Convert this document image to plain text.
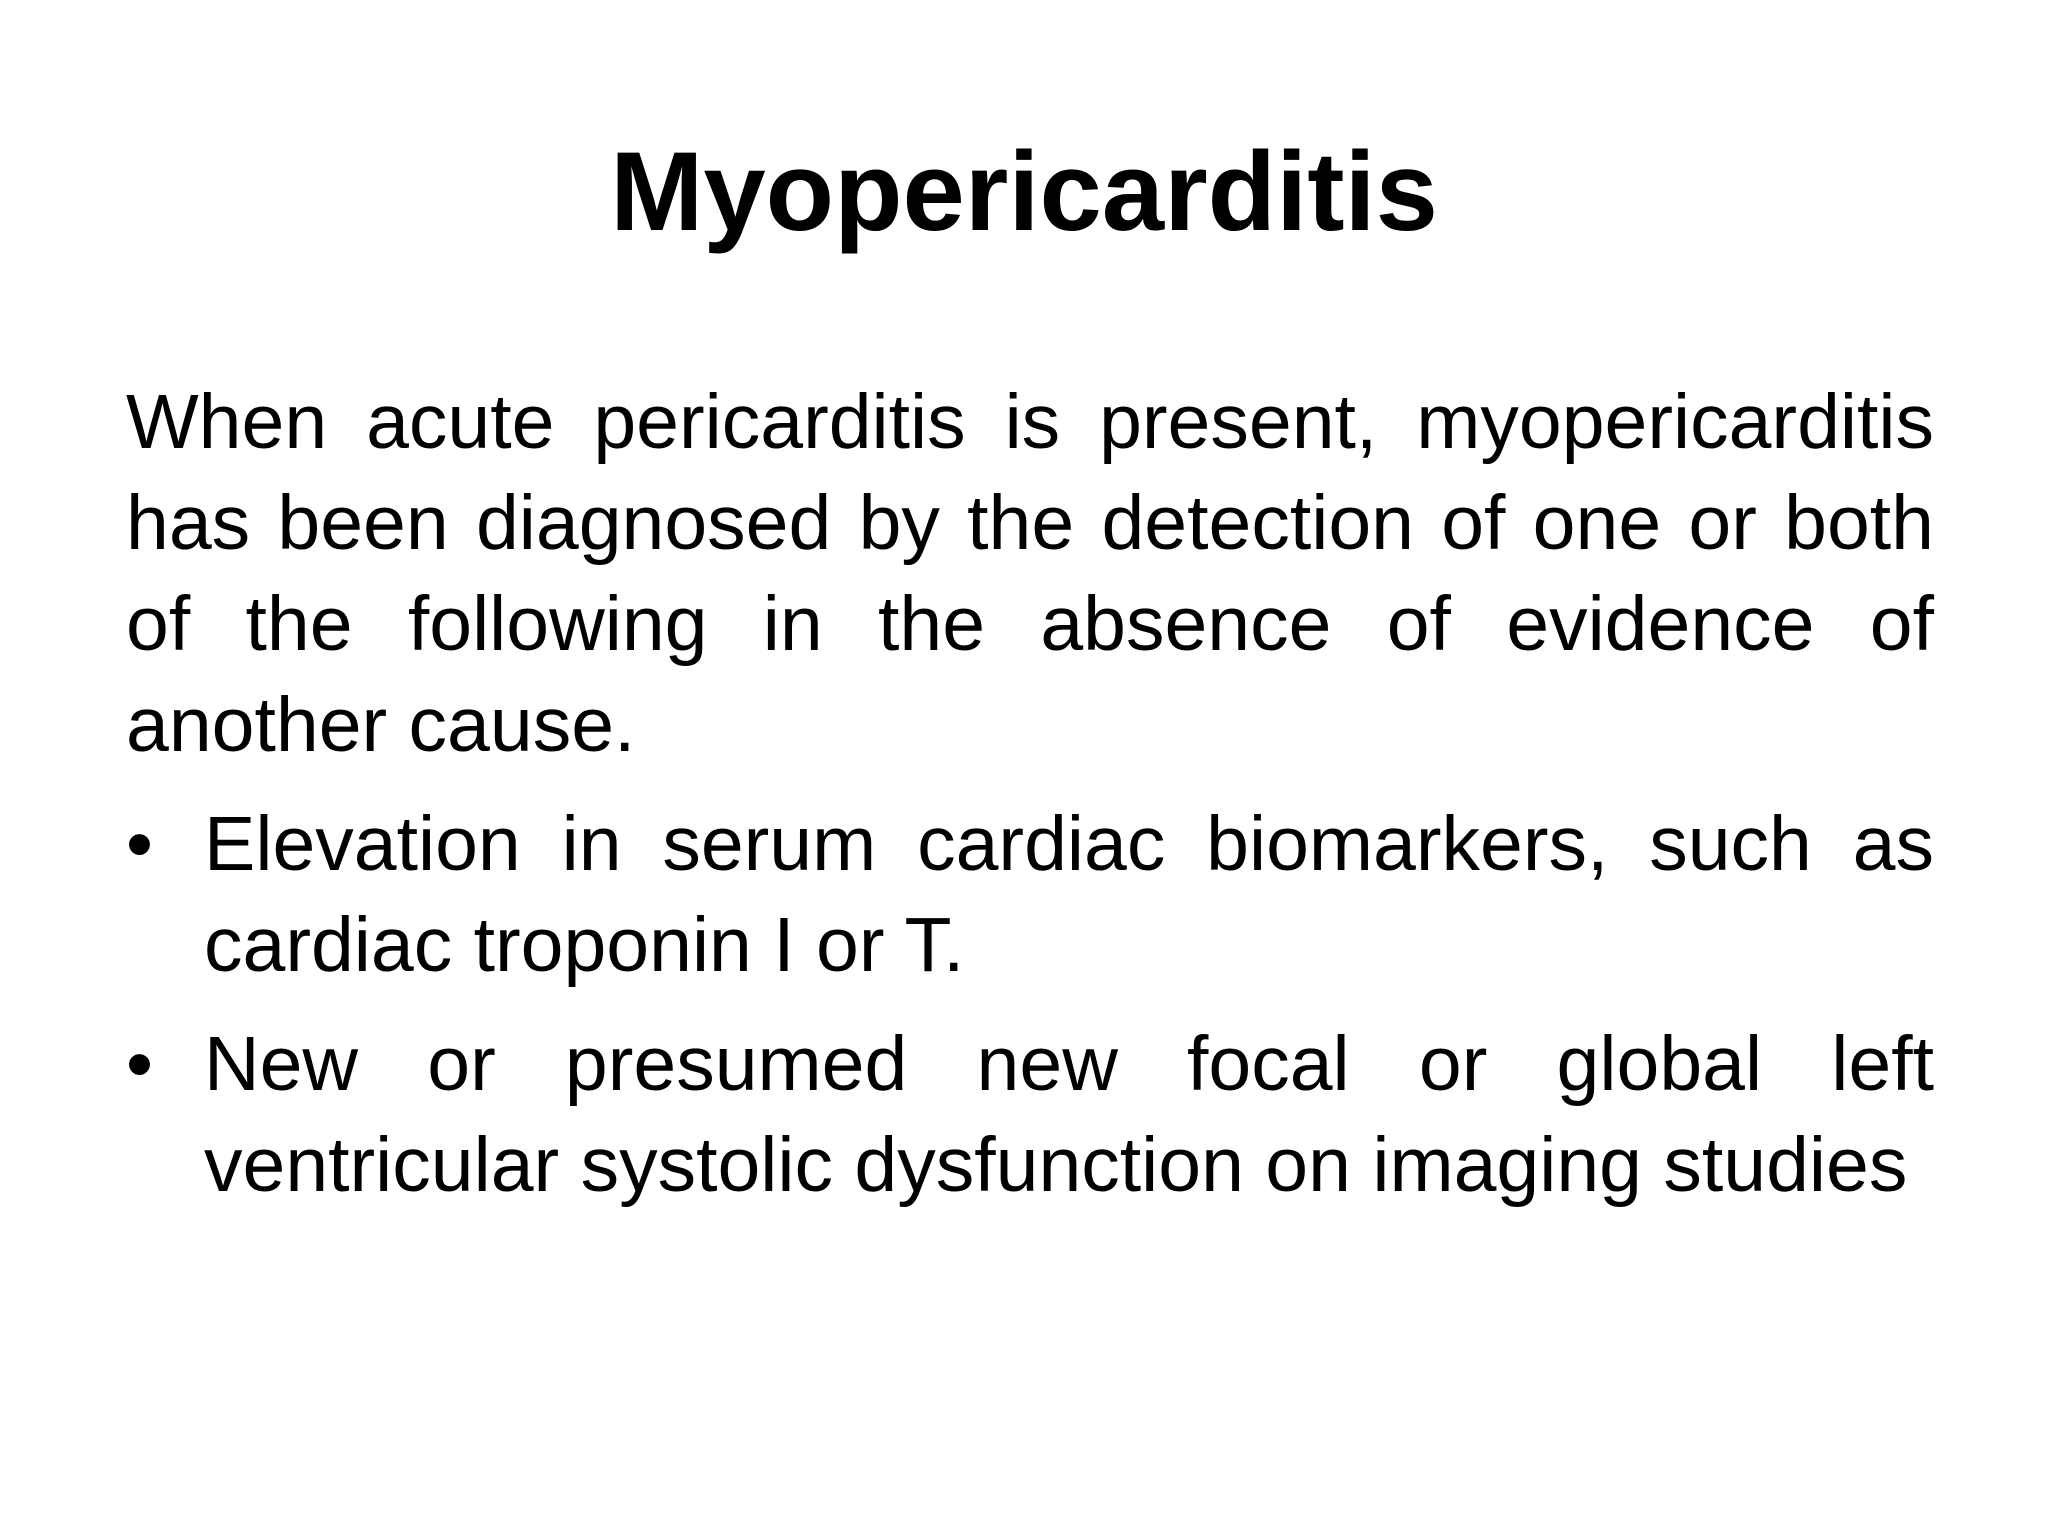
Myopericarditis

When acute pericarditis is present, myopericarditis has been diagnosed by the detection of one or both of the following in the absence of evidence of another cause.

• Elevation in serum cardiac biomarkers, such as cardiac troponin I or T.
• New or presumed new focal or global left ventricular systolic dysfunction on imaging studies
